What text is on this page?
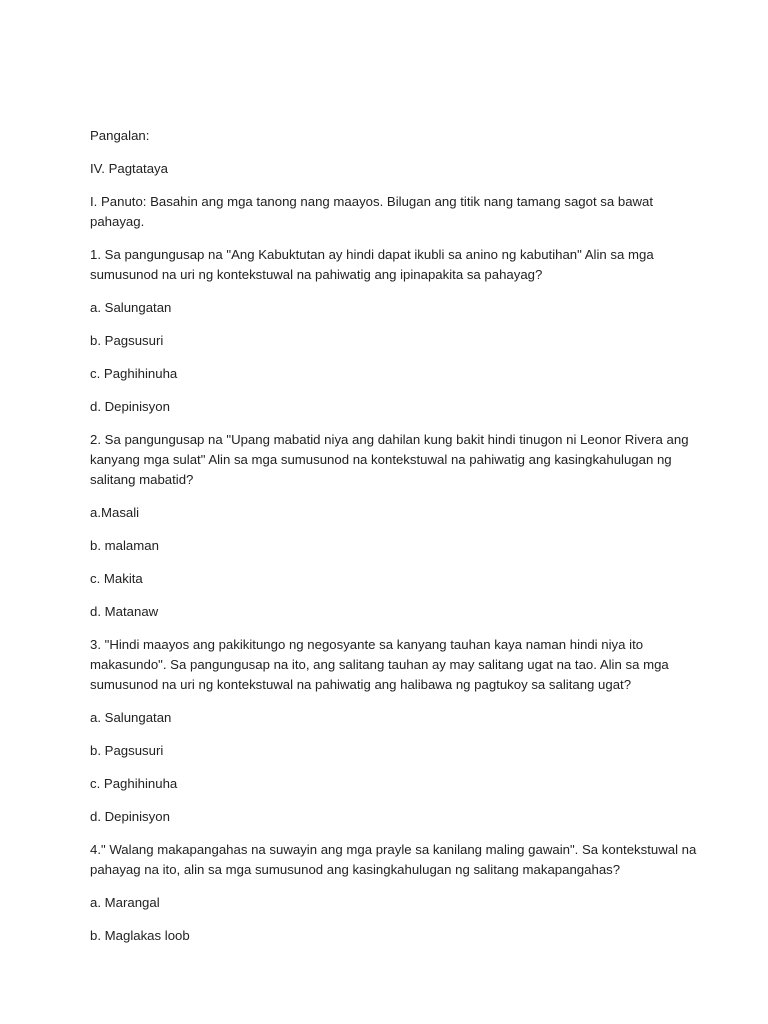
Pangalan:

IV. Pagtataya

I. Panuto: Basahin ang mga tanong nang maayos. Bilugan ang titik nang tamang sagot sa bawat pahayag.

1. Sa pangungusap na "Ang Kabuktutan ay hindi dapat ikubli sa anino ng kabutihan" Alin sa mga sumusunod na uri ng kontekstuwal na pahiwatig ang ipinapakita sa pahayag?

a. Salungatan

b. Pagsusuri

c. Paghihinuha

d. Depinisyon

2. Sa pangungusap na "Upang mabatid niya ang dahilan kung bakit hindi tinugon ni Leonor Rivera ang kanyang mga sulat" Alin sa mga sumusunod na kontekstuwal na pahiwatig ang kasingkahulugan ng salitang mabatid?

a.Masali

b. malaman

c. Makita

d. Matanaw

3. "Hindi maayos ang pakikitungo ng negosyante sa kanyang tauhan kaya naman hindi niya ito makasundo". Sa pangungusap na ito, ang salitang tauhan ay may salitang ugat na tao. Alin sa mga sumusunod na uri ng kontekstuwal na pahiwatig ang halibawa ng pagtukoy sa salitang ugat?

a. Salungatan

b. Pagsusuri

c. Paghihinuha

d. Depinisyon

4." Walang makapangahas na suwayin ang mga prayle sa kanilang maling gawain". Sa kontekstuwal na pahayag na ito, alin sa mga sumusunod ang kasingkahulugan ng salitang makapangahas?

a. Marangal

b. Maglakas loob
